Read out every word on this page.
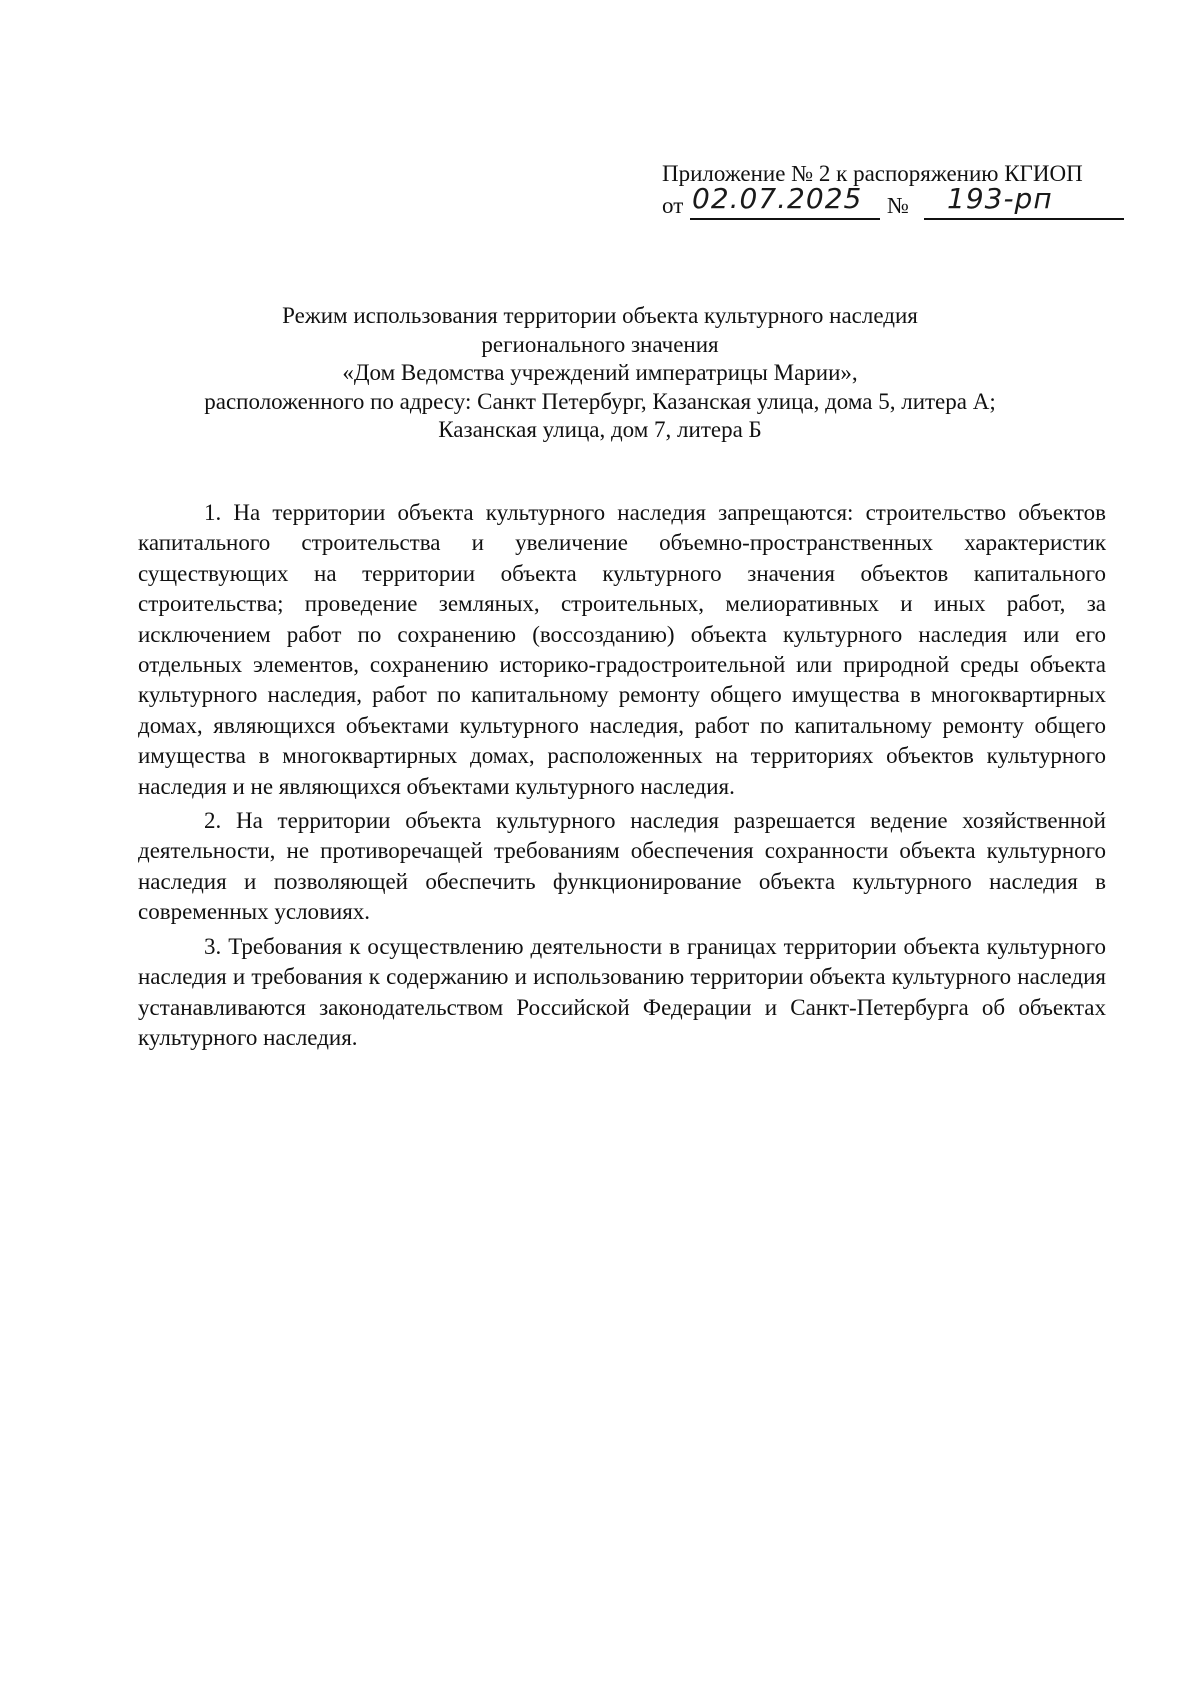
Приложение № 2 к распоряжению КГИОП
от 02.07.2025 № 193-рп
Режим использования территории объекта культурного наследия
регионального значения
«Дом Ведомства учреждений императрицы Марии»,
расположенного по адресу: Санкт Петербург, Казанская улица, дома 5, литера А;
Казанская улица, дом 7, литера Б

1. На территории объекта культурного наследия запрещаются: строительство объектов капитального строительства и увеличение объемно-пространственных характеристик существующих на территории объекта культурного значения объектов капитального строительства; проведение земляных, строительных, мелиоративных и иных работ, за исключением работ по сохранению (воссозданию) объекта культурного наследия или его отдельных элементов, сохранению историко-градостроительной или природной среды объекта культурного наследия, работ по капитальному ремонту общего имущества в многоквартирных домах, являющихся объектами культурного наследия, работ по капитальному ремонту общего имущества в многоквартирных домах, расположенных на территориях объектов культурного наследия и не являющихся объектами культурного наследия.

2. На территории объекта культурного наследия разрешается ведение хозяйственной деятельности, не противоречащей требованиям обеспечения сохранности объекта культурного наследия и позволяющей обеспечить функционирование объекта культурного наследия в современных условиях.

3. Требования к осуществлению деятельности в границах территории объекта культурного наследия и требования к содержанию и использованию территории объекта культурного наследия устанавливаются законодательством Российской Федерации и Санкт-Петербурга об объектах культурного наследия.
